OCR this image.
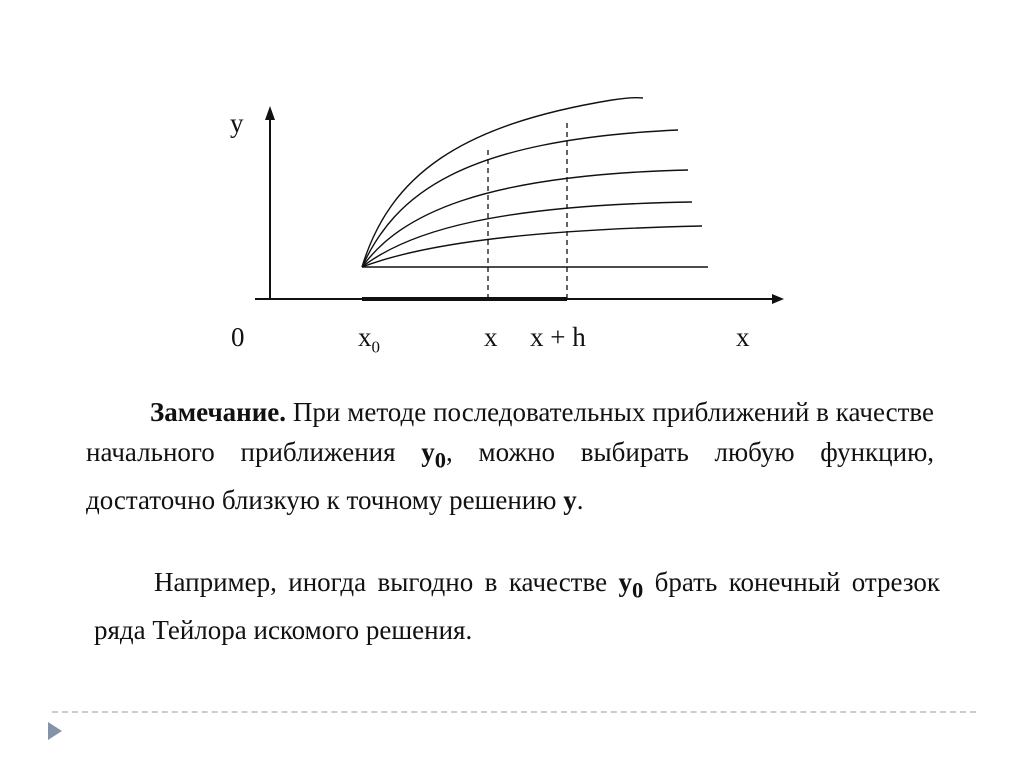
y
0	$x_0$	x x + h	x
Замечание. При методе последовательных приближений в качестве начального приближения $y_0$, можно выбирать любую функцию, достаточно близкую к точному решению y.
Например, иногда выгодно в качестве $y_0$ брать конечный отрезок ряда Тейлора искомого решения.
